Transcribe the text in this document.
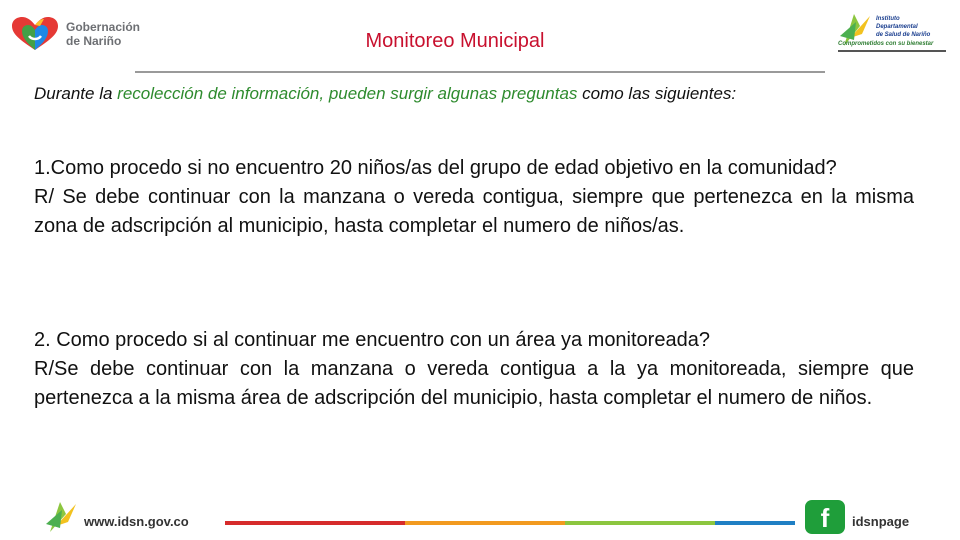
Gobernación
de Nariño	Monitoreo Municipal
Instituto
Departamental
de Salud de Nariño
Comprometidos con su bienestar
Durante la recolección de información, pueden surgir algunas preguntas como las siguientes:
1.Como procedo si no encuentro 20 niños/as del grupo de edad objetivo en la comunidad?
R/ Se debe continuar con la manzana o vereda contigua, siempre que pertenezca en la misma zona de adscripción al municipio, hasta completar el numero de niños/as.
2. Como procedo si al continuar me encuentro con un área ya monitoreada?
R/Se debe continuar con la manzana o vereda contigua a la ya monitoreada, siempre que pertenezca a la misma área de adscripción del municipio, hasta completar el numero de niños.
www.idsn.gov.co	f	idsnpage
